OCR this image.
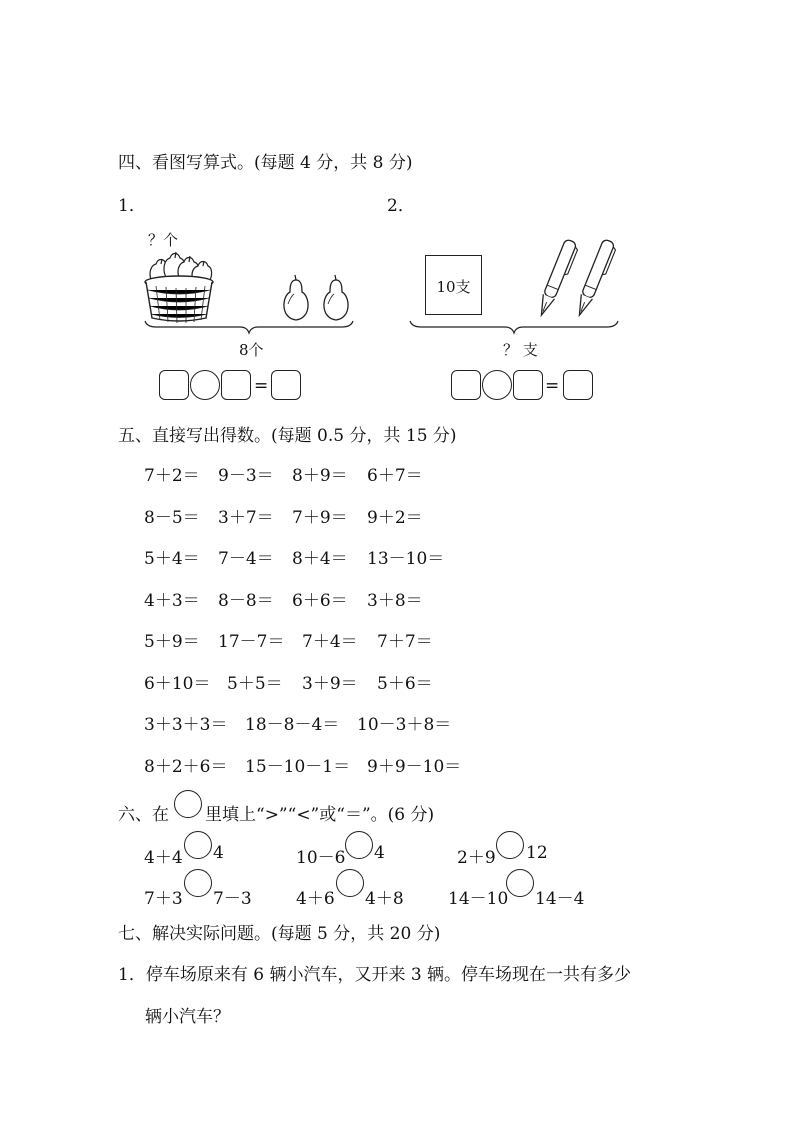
四、看图写算式。(每题 4 分，共 8 分)
1．	2．
？个
8个
=
10支
？ 支
=
五、直接写出得数。(每题 0.5 分，共 15 分)
7＋2＝ 9－3＝ 8＋9＝ 6＋7＝
8－5＝ 3＋7＝ 7＋9＝ 9＋2＝
5＋4＝ 7－4＝ 8＋4＝ 13－10＝
4＋3＝ 8－8＝ 6＋6＝ 3＋8＝
5＋9＝ 17－7＝ 7＋4＝ 7＋7＝
6＋10＝ 5＋5＝ 3＋9＝ 5＋6＝
3＋3＋3＝ 18－8－4＝ 10－3＋8＝
8＋2＋6＝ 15－10－1＝ 9＋9－10＝
六、在 里填上“>”“<”或“＝”。(6 分)
4＋4 4	10－6 4	2＋9 12
7＋3 7－3	4＋6 4＋8	14－10 14－4
七、解决实际问题。(每题 5 分，共 20 分)
1．停车场原来有 6 辆小汽车，又开来 3 辆。停车场现在一共有多少
辆小汽车？
